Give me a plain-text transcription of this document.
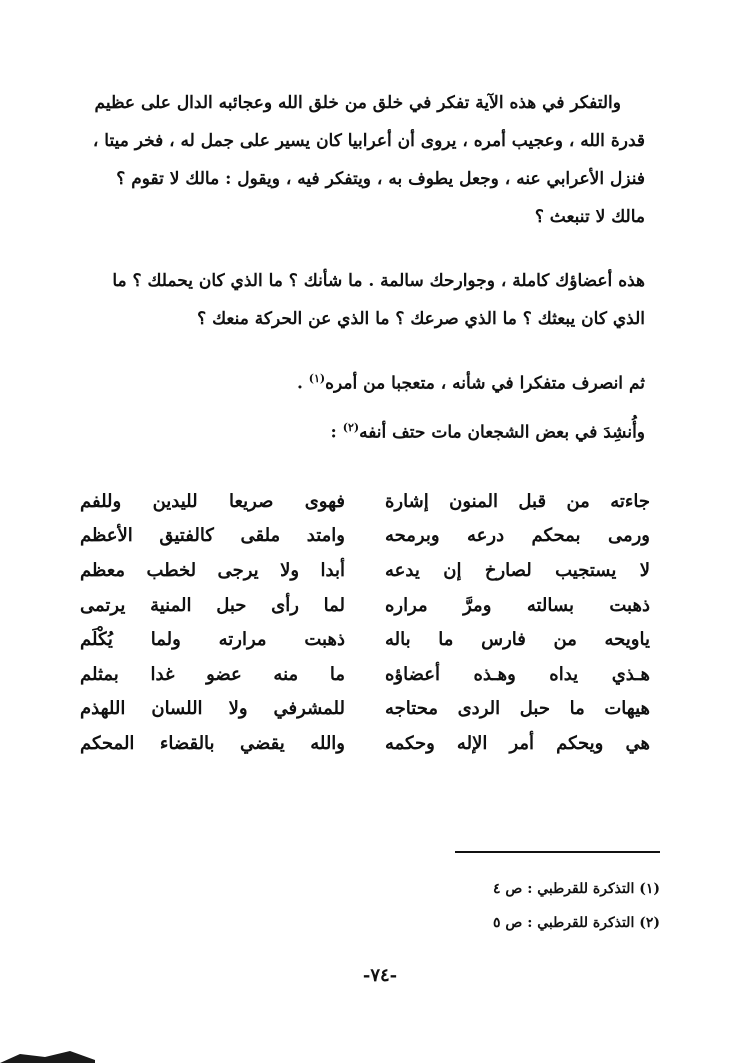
والتفكر في هذه الآية تفكر في خلق من خلق الله وعجائبه الدال على عظيم

قدرة الله ، وعجيب أمره ، يروى أن أعرابيا كان يسير على جمل له ، فخر ميتا ،

فنزل الأعرابي عنه ، وجعل يطوف به ، ويتفكر فيه ، ويقول : مالك لا تقوم ؟

مالك لا تنبعث ؟

هذه أعضاؤك كاملة ، وجوارحك سالمة . ما شأنك ؟ ما الذي كان يحملك ؟ ما

الذي كان يبعثك ؟ ما الذي صرعك ؟ ما الذي عن الحركة منعك ؟

ثم انصرف متفكرا في شأنه ، متعجبا من أمره$^{(١)}$ .
وأُنشِدَ في بعض الشجعان مات حتف أنفه$^{(٢)}$ :
جاءته من قبل المنون إشارة
فهوى صريعا لليدين وللفم
ورمى بمحكم درعه وبرمحه
وامتد ملقى كالفتيق الأعظم
لا يستجيب لصارخ إن يدعه
أبدا ولا يرجى لخطب معظم
ذهبت بسالته ومرَّ مراره
لما رأى حبل المنية يرتمى
ياويحه من فارس ما باله
ذهبت مرارته ولما يُكْلَم
هـذي يداه وهـذه أعضاؤه
ما منه عضو غدا بمثلم
هيهات ما حبل الردى محتاجه
للمشرفي ولا اللسان اللهذم
هي ويحكم أمر الإله وحكمه
والله يقضي بالقضاء المحكم
(١) التذكرة للقرطبي : ص ٤
(٢) التذكرة للقرطبي : ص ٥
-٧٤-
